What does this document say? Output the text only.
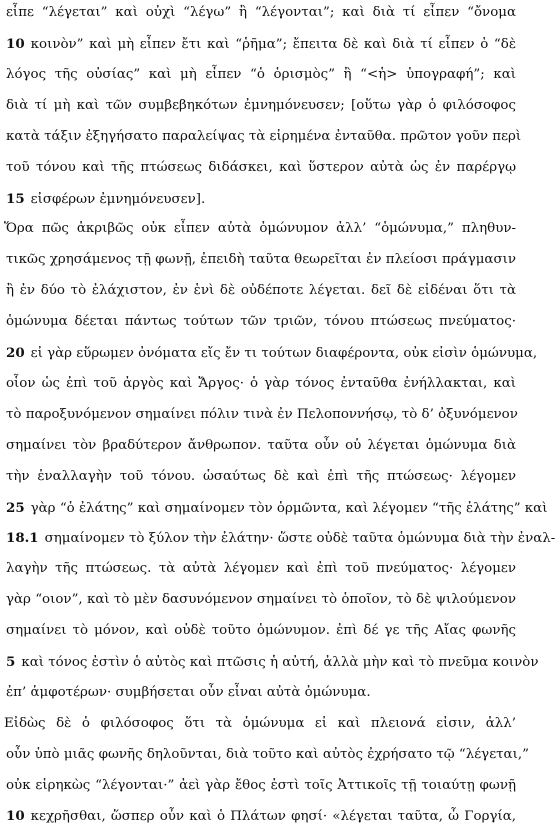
εἶπε “λέγεται” καὶ οὐχὶ “λέγω” ἢ “λέγονται”; καὶ διὰ τί εἶπεν “ὄνομα
10 κοινὸν” καὶ μὴ εἶπεν ἔτι καὶ “ῥῆμα”; ἔπειτα δὲ καὶ διὰ τί εἶπεν ὁ “δὲ
λόγος τῆς οὐσίας” καὶ μὴ εἶπεν “ὁ ὁρισμὸς” ἢ “<ἡ> ὑπογραφή”; καὶ
διὰ τί μὴ καὶ τῶν συμβεβηκότων ἐμνημόνευσεν; [οὕτω γὰρ ὁ φιλόσοφος
κατὰ τάξιν ἐξηγήσατο παραλείψας τὰ εἰρημένα ἐνταῦθα. πρῶτον γοῦν περὶ
τοῦ τόνου καὶ τῆς πτώσεως διδάσκει, καὶ ὕστερον αὐτὰ ὡς ἐν παρέργῳ
15 εἰσφέρων ἐμνημόνευσεν].
Ὅρα πῶς ἀκριβῶς οὐκ εἶπεν αὐτὰ ὁμώνυμον ἀλλ’ “ὁμώνυμα,” πληθυν-
τικῶς χρησάμενος τῇ φωνῇ, ἐπειδὴ ταῦτα θεωρεῖται ἐν πλείοσι πράγμασιν
ἢ ἐν δύο τὸ ἐλάχιστον, ἐν ἑνὶ δὲ οὐδέποτε λέγεται. δεῖ δὲ εἰδέναι ὅτι τὰ
ὁμώνυμα δέεται πάντως τούτων τῶν τριῶν, τόνου πτώσεως πνεύματος·
20 εἰ γὰρ εὕρωμεν ὀνόματα εἴς ἔν τι τούτων διαφέροντα, οὐκ εἰσὶν ὁμώνυμα,
οἷον ὡς ἐπὶ τοῦ ἀργὸς καὶ Ἄργος· ὁ γὰρ τόνος ἐνταῦθα ἐνήλλακται, καὶ
τὸ παροξυνόμενον σημαίνει πόλιν τινὰ ἐν Πελοποννήσῳ, τὸ δ’ ὀξυνόμενον
σημαίνει τὸν βραδύτερον ἄνθρωπον. ταῦτα οὖν οὐ λέγεται ὁμώνυμα διὰ
τὴν ἐναλλαγὴν τοῦ τόνου. ὡσαύτως δὲ καὶ ἐπὶ τῆς πτώσεως· λέγομεν
25 γὰρ “ὁ ἐλάτης” καὶ σημαίνομεν τὸν ὁρμῶντα, καὶ λέγομεν “τῆς ἐλάτης” καὶ
18.1 σημαίνομεν τὸ ξύλον τὴν ἐλάτην· ὥστε οὐδὲ ταῦτα ὁμώνυμα διὰ τὴν ἐναλ-
λαγὴν τῆς πτώσεως. τὰ αὐτὰ λέγομεν καὶ ἐπὶ τοῦ πνεύματος· λέγομεν
γὰρ “οιον”, καὶ τὸ μὲν δασυνόμενον σημαίνει τὸ ὁποῖον, τὸ δὲ ψιλούμενον
σημαίνει τὸ μόνον, καὶ οὐδὲ τοῦτο ὁμώνυμον. ἐπὶ δέ γε τῆς Αἴας φωνῆς
5 καὶ τόνος ἐστὶν ὁ αὐτὸς καὶ πτῶσις ἡ αὐτή, ἀλλὰ μὴν καὶ τὸ πνεῦμα κοινὸν
ἐπ’ ἀμφοτέρων· συμβήσεται οὖν εἶναι αὐτὰ ὁμώνυμα.
Εἰδὼς δὲ ὁ φιλόσοφος ὅτι τὰ ὁμώνυμα εἰ καὶ πλειονά εἰσιν, ἀλλ’
οὖν ὑπὸ μιᾶς φωνῆς δηλοῦνται, διὰ τοῦτο καὶ αὐτὸς ἐχρήσατο τῷ “λέγεται,”
οὐκ εἰρηκὼς “λέγονται·” ἀεὶ γὰρ ἔθος ἐστὶ τοῖς Ἀττικοῖς τῇ τοιαύτῃ φωνῇ
10 κεχρῆσθαι, ὥσπερ οὖν καὶ ὁ Πλάτων φησί· «λέγεται ταῦτα, ὦ Γοργία,
